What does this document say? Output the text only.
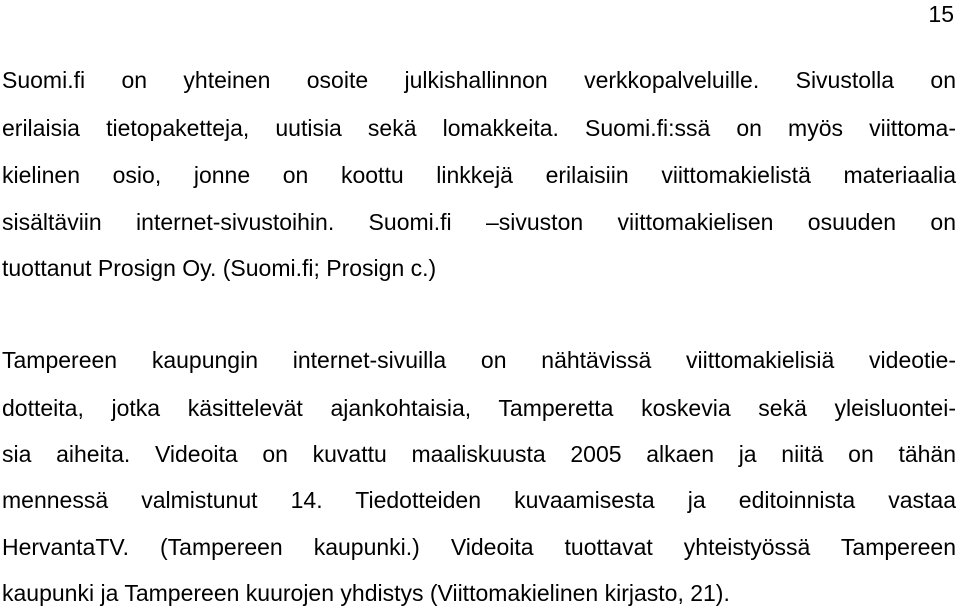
15
Suomi.fi on yhteinen osoite julkishallinnon verkkopalveluille. Sivustolla on
erilaisia tietopaketteja, uutisia sekä lomakkeita. Suomi.fi:ssä on myös viittoma-
kielinen osio, jonne on koottu linkkejä erilaisiin viittomakielistä materiaalia
sisältäviin internet-sivustoihin. Suomi.fi –sivuston viittomakielisen osuuden on
tuottanut Prosign Oy. (Suomi.fi; Prosign c.)
Tampereen kaupungin internet-sivuilla on nähtävissä viittomakielisiä videotie-
dotteita, jotka käsittelevät ajankohtaisia, Tamperetta koskevia sekä yleisluontei-
sia aiheita. Videoita on kuvattu maaliskuusta 2005 alkaen ja niitä on tähän
mennessä valmistunut 14. Tiedotteiden kuvaamisesta ja editoinnista vastaa
HervantaTV. (Tampereen kaupunki.) Videoita tuottavat yhteistyössä Tampereen
kaupunki ja Tampereen kuurojen yhdistys (Viittomakielinen kirjasto, 21).
